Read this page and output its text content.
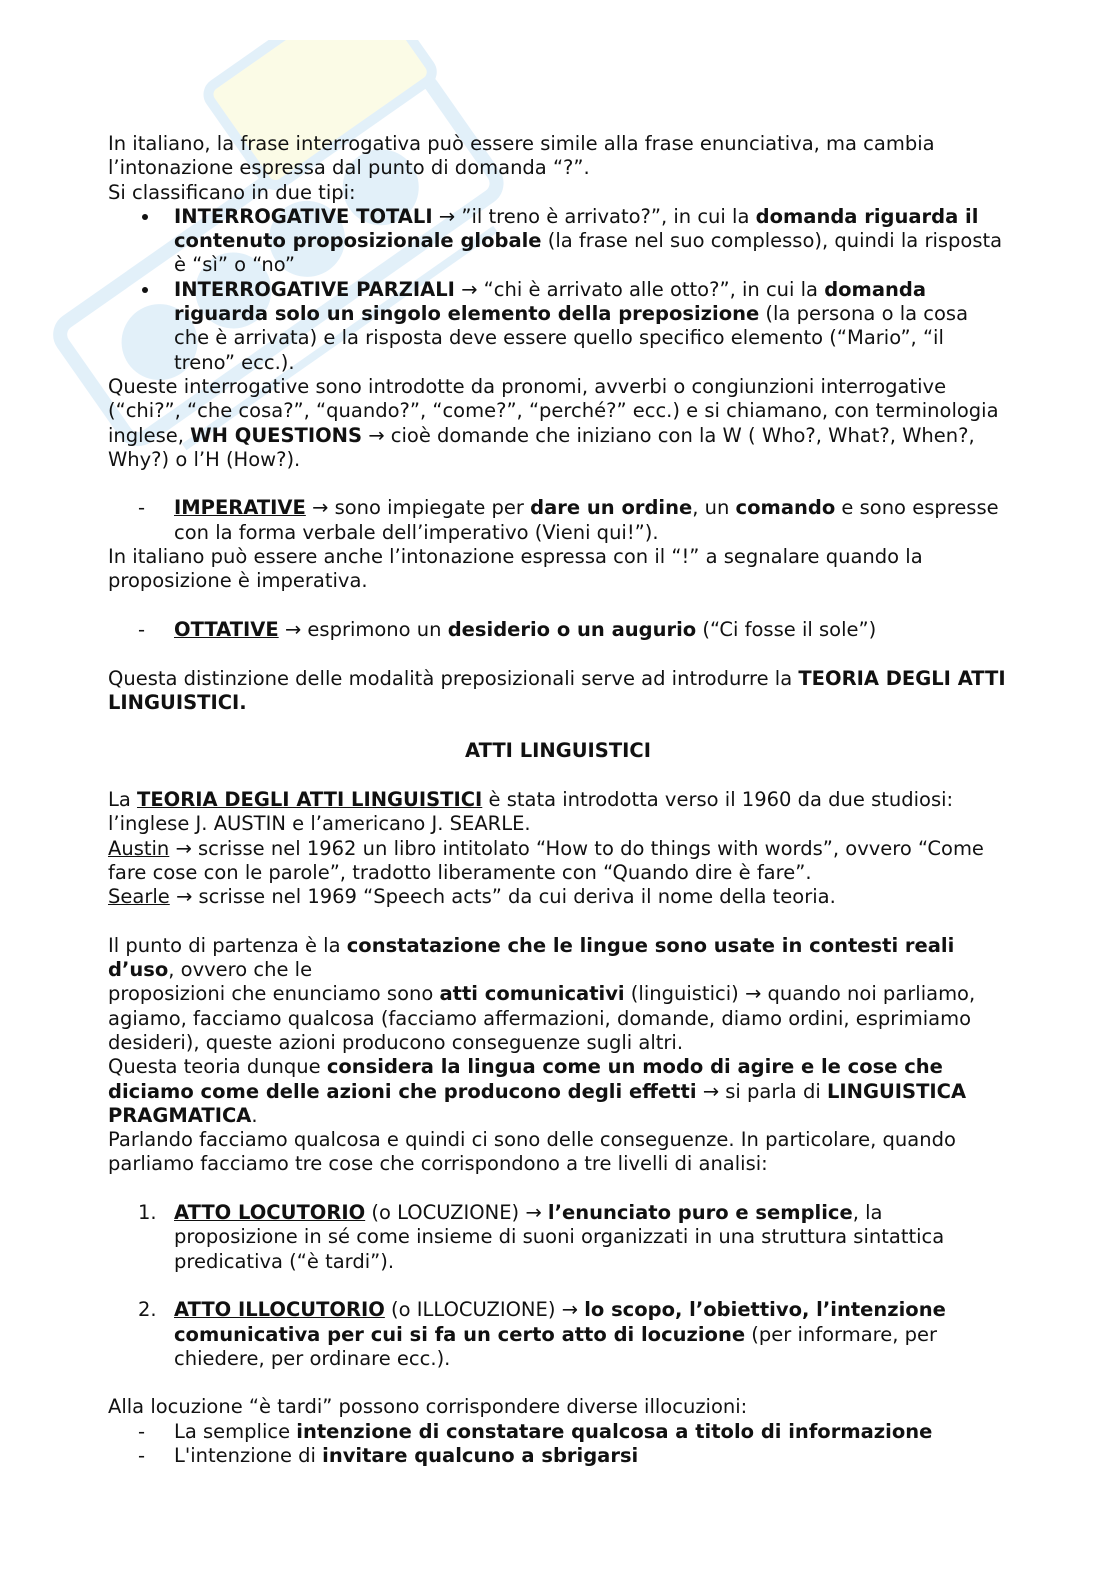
In italiano, la frase interrogativa può essere simile alla frase enunciativa, ma cambia l’intonazione espressa dal punto di domanda “?”.

Si classificano in due tipi:

INTERROGATIVE TOTALI → ”il treno è arrivato?”, in cui la domanda riguarda il contenuto proposizionale globale (la frase nel suo complesso), quindi la risposta è “sì” o “no”
INTERROGATIVE PARZIALI → “chi è arrivato alle otto?”, in cui la domanda riguarda solo un singolo elemento della preposizione (la persona o la cosa che è arrivata) e la risposta deve essere quello specifico elemento (“Mario”, “il treno” ecc.).

Queste interrogative sono introdotte da pronomi, avverbi o congiunzioni interrogative (“chi?”, “che cosa?”, “quando?”, “come?”, “perché?” ecc.) e si chiamano, con terminologia inglese, WH QUESTIONS → cioè domande che iniziano con la W ( Who?, What?, When?, Why?) o l’H (How?).

-	IMPERATIVE → sono impiegate per dare un ordine, un comando e sono espresse con la forma verbale dell’imperativo (Vieni qui!”).

In italiano può essere anche l’intonazione espressa con il “!” a segnalare quando la proposizione è imperativa.

-	OTTATIVE → esprimono un desiderio o un augurio (“Ci fosse il sole”)

Questa distinzione delle modalità preposizionali serve ad introdurre la TEORIA DEGLI ATTI LINGUISTICI.

ATTI LINGUISTICI

La TEORIA DEGLI ATTI LINGUISTICI è stata introdotta verso il 1960 da due studiosi: l’inglese J. AUSTIN e l’americano J. SEARLE.

Austin → scrisse nel 1962 un libro intitolato “How to do things with words”, ovvero “Come fare cose con le parole”, tradotto liberamente con “Quando dire è fare”.

Searle → scrisse nel 1969 “Speech acts” da cui deriva il nome della teoria.

Il punto di partenza è la constatazione che le lingue sono usate in contesti reali d’uso, ovvero che le

proposizioni che enunciamo sono atti comunicativi (linguistici) → quando noi parliamo, agiamo, facciamo qualcosa (facciamo affermazioni, domande, diamo ordini, esprimiamo desideri), queste azioni producono conseguenze sugli altri.

Questa teoria dunque considera la lingua come un modo di agire e le cose che diciamo come delle azioni che producono degli effetti → si parla di LINGUISTICA PRAGMATICA.

Parlando facciamo qualcosa e quindi ci sono delle conseguenze. In particolare, quando parliamo facciamo tre cose che corrispondono a tre livelli di analisi:

1. ATTO LOCUTORIO (o LOCUZIONE) → l’enunciato puro e semplice, la proposizione in sé come insieme di suoni organizzati in una struttura sintattica predicativa (“è tardi”).
2. ATTO ILLOCUTORIO (o ILLOCUZIONE) → lo scopo, l’obiettivo, l’intenzione comunicativa per cui si fa un certo atto di locuzione (per informare, per chiedere, per ordinare ecc.).

Alla locuzione “è tardi” possono corrispondere diverse illocuzioni:

-	La semplice intenzione di constatare qualcosa a titolo di informazione
-	L'intenzione di invitare qualcuno a sbrigarsi
